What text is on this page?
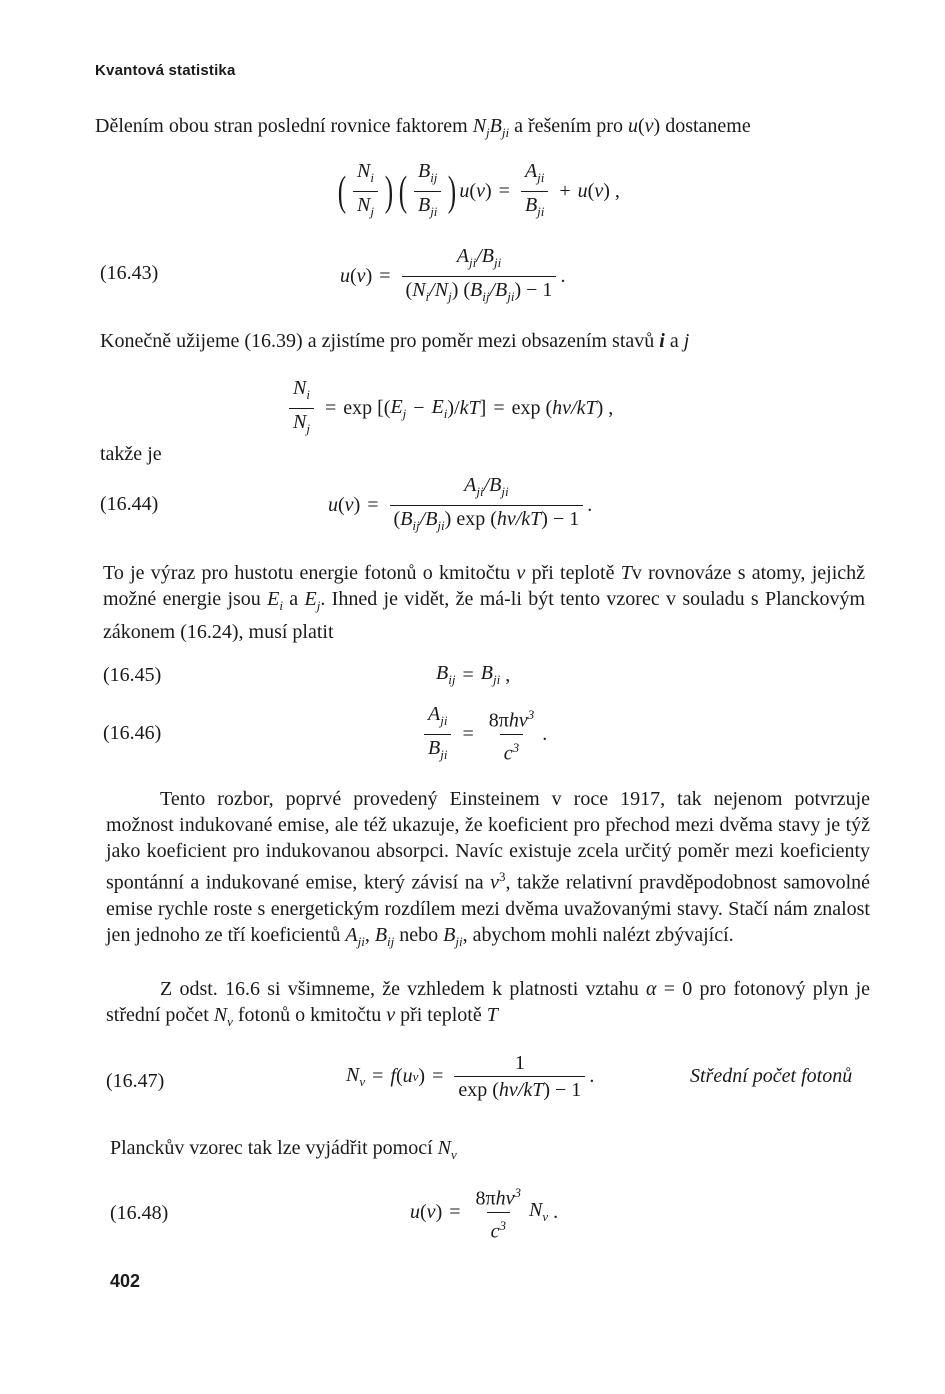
Kvantová statistika

Dělením obou stran poslední rovnice faktorem $N_jB_{ji}$ a řešením pro u(ν) dostaneme

( $\frac{N_i}{N_j}$ ) ( $\frac{B_{ij}}{B_{ji}}$ ) u ( ν ) = $\frac{A_{ji}}{B_{ji}} + u$ ( ν ) ,
(16.43)	u ( ν ) = $\frac{A_{ji}/B_{ji}}{(N_i/N_j) (B_{ij}/B_{ji}) - 1}$ .

Konečně užijeme (16.39) a zjistíme pro poměr mezi obsazením stavů i a j

$\frac{N_i}{N_j} = \exp$ [( $E_j - E_i$ )/ kT ] = exp ( hν/kT ) ,
takže je
(16.44)	u ( ν ) = $\frac{A_{ji}/B_{ji}}{(B_{ij}/B_{ji}) \exp (h\nu/kT) - 1}$ .

To je výraz pro hustotu energie fotonů o kmitočtu ν při teplotě Tv rovnováze s atomy, jejichž možné energie jsou $E_i$ a $E_j$. Ihned je vidět, že má-li být tento vzorec v souladu s Planckovým zákonem (16.24), musí platit

(16.45)	$B_{ij} = B_{ji}$ ,
(16.46)	$\frac{A_{ji}}{B_{ji}} = \frac{8\pi h\nu^3}{c^3}$ .

Tento rozbor, poprvé provedený Einsteinem v roce 1917, tak nejenom potvrzuje možnost indukované emise, ale též ukazuje, že koeficient pro přechod mezi dvěma stavy je týž jako koeficient pro indukovanou absorpci. Navíc existuje zcela určitý poměr mezi koeficienty spontánní a indukované emise, který závisí na $\nu^3$, takže relativní pravděpodobnost samovolné emise rychle roste s energetickým rozdílem mezi dvěma uvažovanými stavy. Stačí nám znalost jen jednoho ze tří koeficientů $A_{ji}$, $B_{ij}$ nebo $B_{ji}$, abychom mohli nalézt zbývající.

Z odst. 16.6 si všimneme, že vzhledem k platnosti vztahu α = 0 pro fotonový plyn je střední počet $N_\nu$ fotonů o kmitočtu ν při teplotě T

(16.47)	$N_\nu = f$ ( u ν ) = $\frac{1}{\exp (h\nu/kT) - 1}$ .	Střední počet fotonů

Planckův vzorec tak lze vyjádřit pomocí $N_\nu$

(16.48)	u ( ν ) = $\frac{8\pi h\nu^3}{c^3} N_\nu$ .
402
